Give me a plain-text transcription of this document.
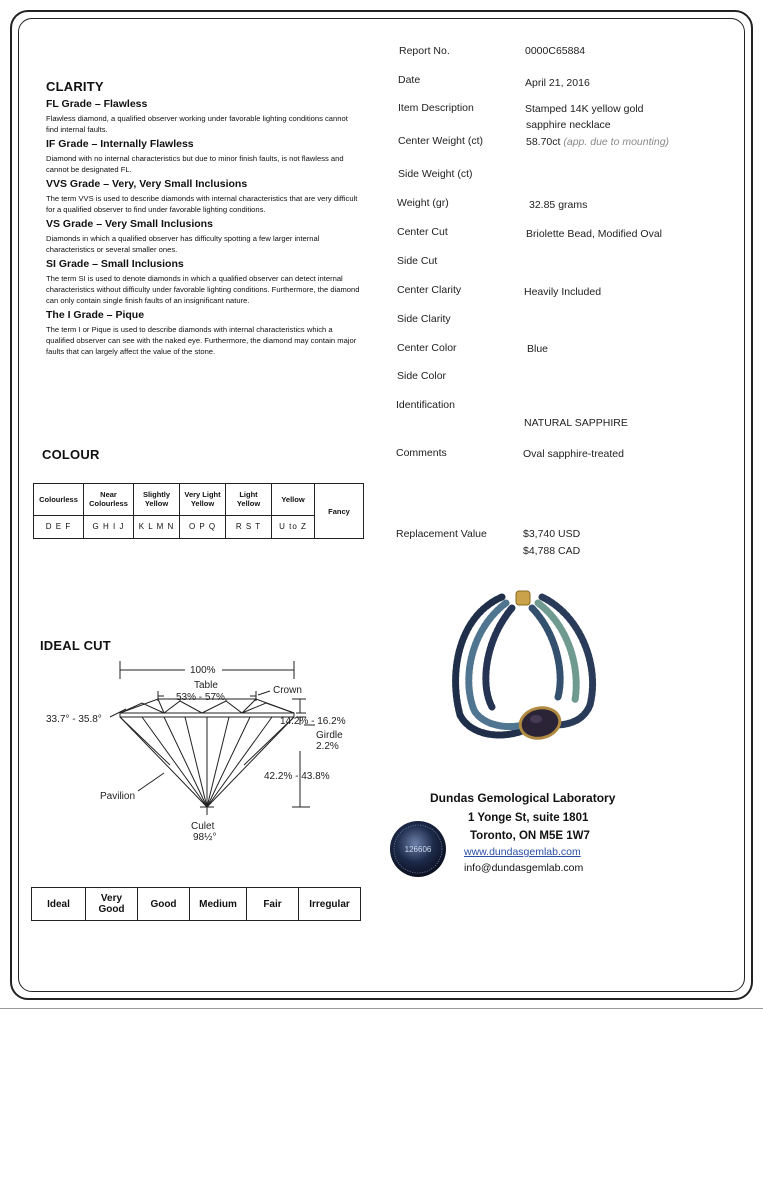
CLARITY
FL Grade – Flawless
Flawless diamond, a qualified observer working under favorable lighting conditions cannot find internal faults.
IF Grade – Internally Flawless
Diamond with no internal characteristics but due to minor finish faults, is not flawless and cannot be designated FL.
VVS Grade – Very, Very Small Inclusions
The term VVS is used to describe diamonds with internal characteristics that are very difficult for a qualified observer to find under favorable lighting conditions.
VS Grade – Very Small Inclusions
Diamonds in which a qualified observer has difficulty spotting a few larger internal characteristics or several smaller ones.
SI Grade – Small Inclusions
The term SI is used to denote diamonds in which a qualified observer can detect internal characteristics without difficulty under favorable lighting conditions. Furthermore, the diamond can only contain single finish faults of an insignificant nature.
The I Grade – Pique
The term I or Pique is used to describe diamonds with internal characteristics which a qualified observer can see with the naked eye. Furthermore, the diamond may contain major faults that can largely affect the value of the stone.
COLOUR
Colourless	Near Colourless	Slightly Yellow	Very Light Yellow	Light Yellow	Yellow	Fancy
D E F	G H I J	K L M N	O P Q	R S T	U to Z	
IDEAL CUT
100%
Table
53% - 57%
Crown
33.7° - 35.8°	14.2% - 16.2%
Girdle
2.2%
42.2% - 43.8%
Pavilion
Culet
98½°
Ideal	Very Good	Good	Medium	Fair	Irregular
Report No.	0000C65884
Date	April 21, 2016
Item Description	Stamped 14K yellow gold
sapphire necklace
Center Weight (ct)	58.70ct (app. due to mounting)
Side Weight (ct)
Weight (gr)	32.85 grams
Center Cut	Briolette Bead, Modified Oval
Side Cut
Center Clarity	Heavily Included
Side Clarity
Center Color	Blue
Side Color
Identification
NATURAL SAPPHIRE
Comments	Oval sapphire-treated
Replacement Value	$3,740 USD
$4,788 CAD
Dundas Gemological Laboratory
1 Yonge St, suite 1801
Toronto, ON M5E 1W7
www.dundasgemlab.com
info@dundasgemlab.com
126606
